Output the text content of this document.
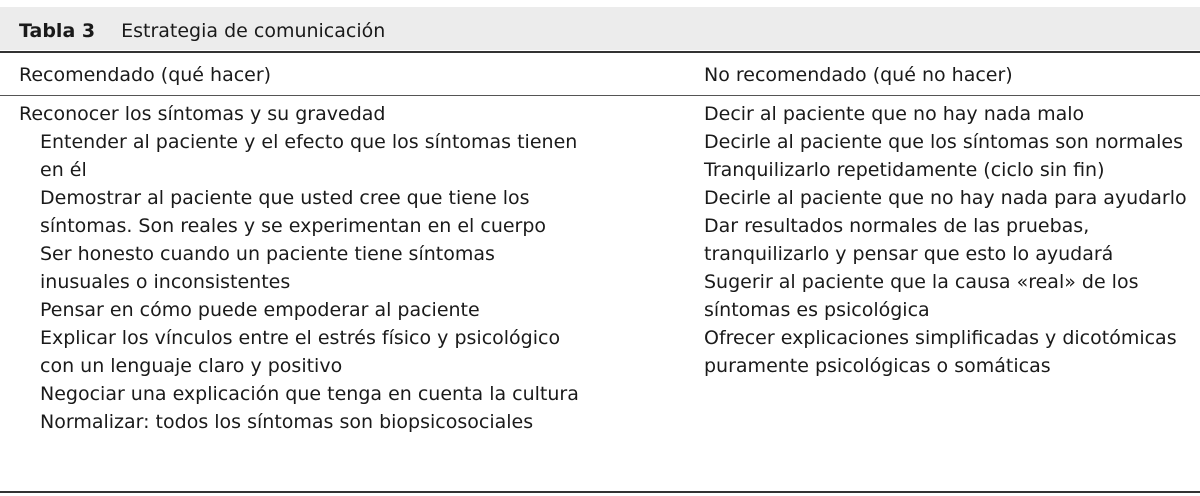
Tabla 3 Estrategia de comunicación
Recomendado (qué hacer)	No recomendado (qué no hacer)
Reconocer los síntomas y su gravedad
Entender al paciente y el efecto que los síntomas tienen en él
Demostrar al paciente que usted cree que tiene los síntomas. Son reales y se experimentan en el cuerpo
Ser honesto cuando un paciente tiene síntomas inusuales o inconsistentes
Pensar en cómo puede empoderar al paciente
Explicar los vínculos entre el estrés físico y psicológico con un lenguaje claro y positivo
Negociar una explicación que tenga en cuenta la cultura
Normalizar: todos los síntomas son biopsicosociales
Decir al paciente que no hay nada malo
Decirle al paciente que los síntomas son normales
Tranquilizarlo repetidamente (ciclo sin fin)
Decirle al paciente que no hay nada para ayudarlo
Dar resultados normales de las pruebas, tranquilizarlo y pensar que esto lo ayudará
Sugerir al paciente que la causa «real» de los síntomas es psicológica
Ofrecer explicaciones simplificadas y dicotómicas puramente psicológicas o somáticas
